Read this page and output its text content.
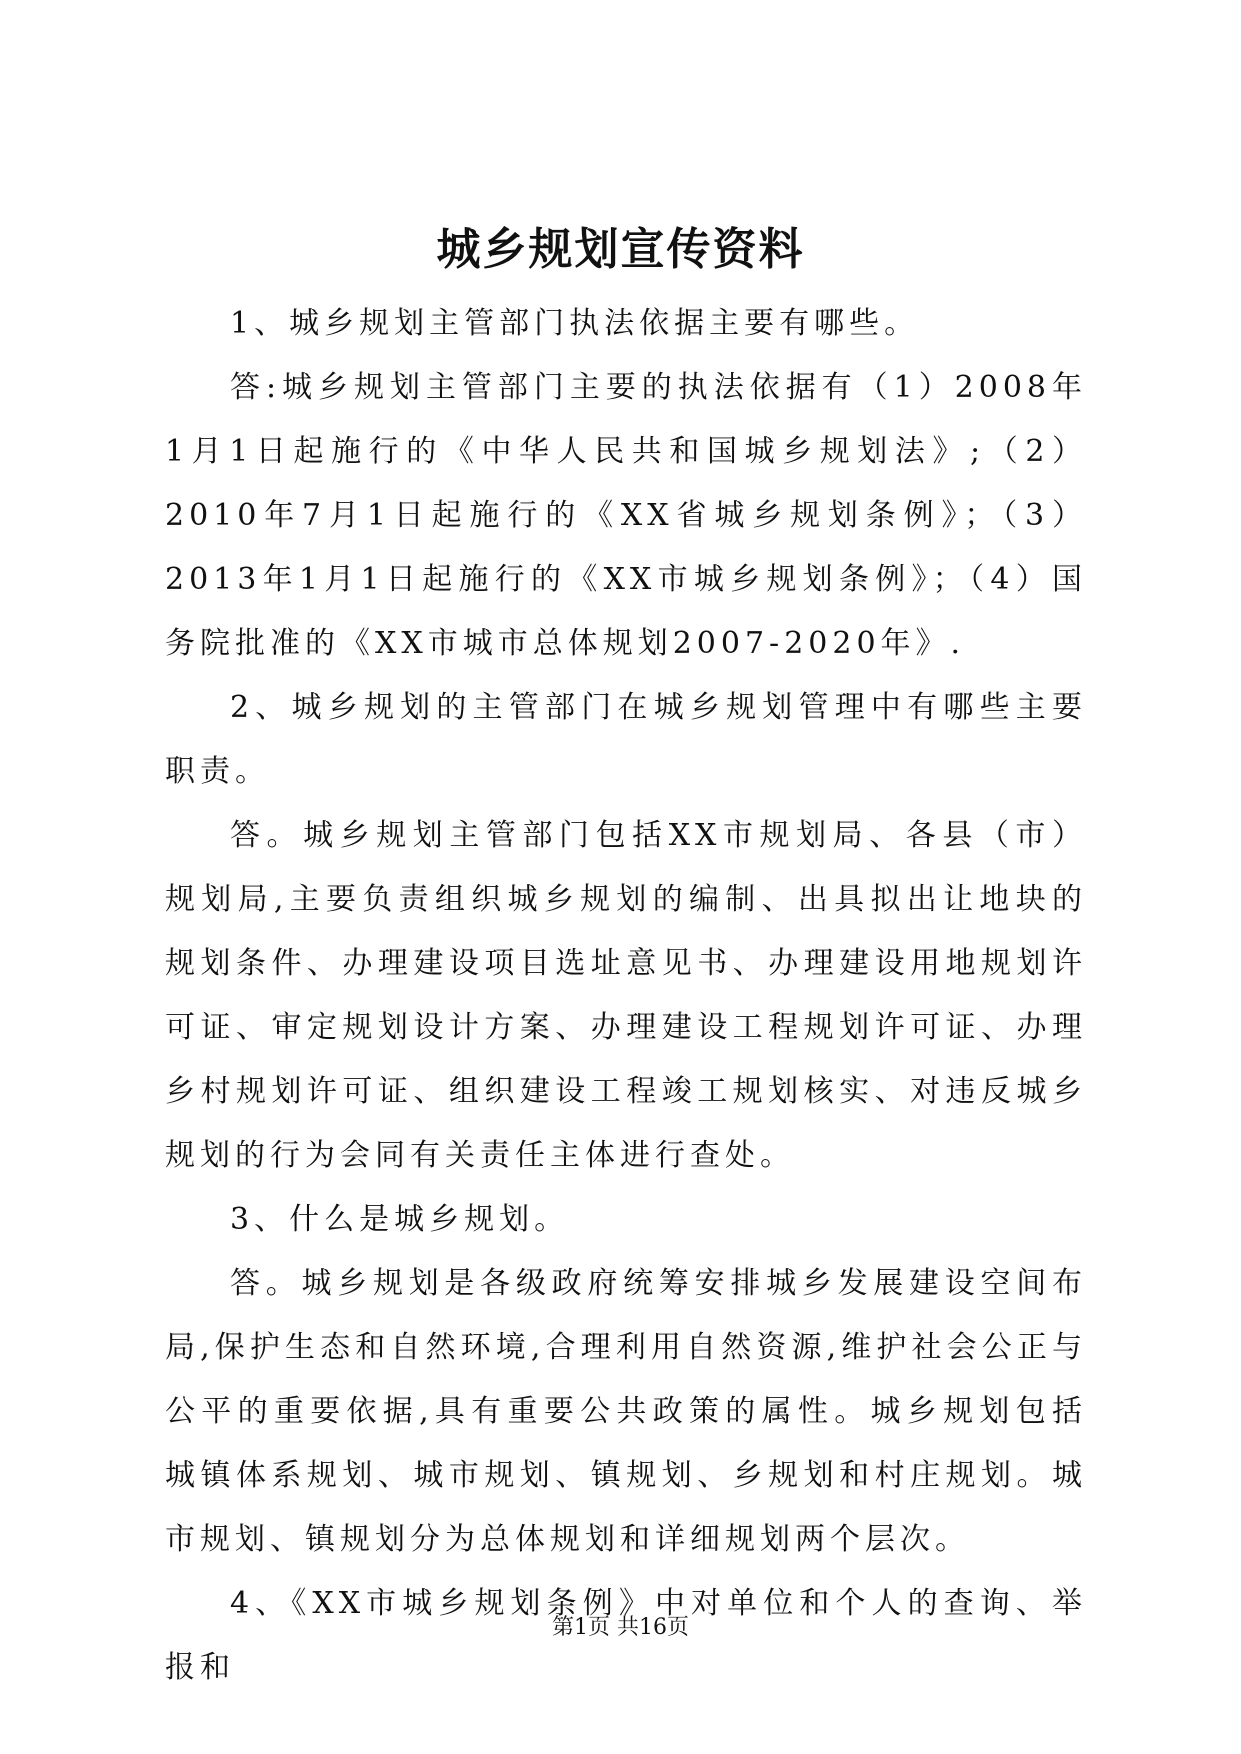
城乡规划宣传资料

1、城乡规划主管部门执法依据主要有哪些。

答:城乡规划主管部门主要的执法依据有（1）2008年1月1日起施行的《中华人民共和国城乡规划法》;（2）2010年7月1日起施行的《XX省城乡规划条例》；（3）2013年1月1日起施行的《XX市城乡规划条例》；（4）国务院批准的《XX市城市总体规划2007-2020年》.

2、城乡规划的主管部门在城乡规划管理中有哪些主要职责。

答。城乡规划主管部门包括XX市规划局、各县（市）规划局,主要负责组织城乡规划的编制、出具拟出让地块的规划条件、办理建设项目选址意见书、办理建设用地规划许可证、审定规划设计方案、办理建设工程规划许可证、办理乡村规划许可证、组织建设工程竣工规划核实、对违反城乡规划的行为会同有关责任主体进行查处。

3、什么是城乡规划。

答。城乡规划是各级政府统筹安排城乡发展建设空间布局,保护生态和自然环境,合理利用自然资源,维护社会公正与公平的重要依据,具有重要公共政策的属性。城乡规划包括城镇体系规划、城市规划、镇规划、乡规划和村庄规划。城市规划、镇规划分为总体规划和详细规划两个层次。

4、《XX市城乡规划条例》中对单位和个人的查询、举报和

第1页 共16页
